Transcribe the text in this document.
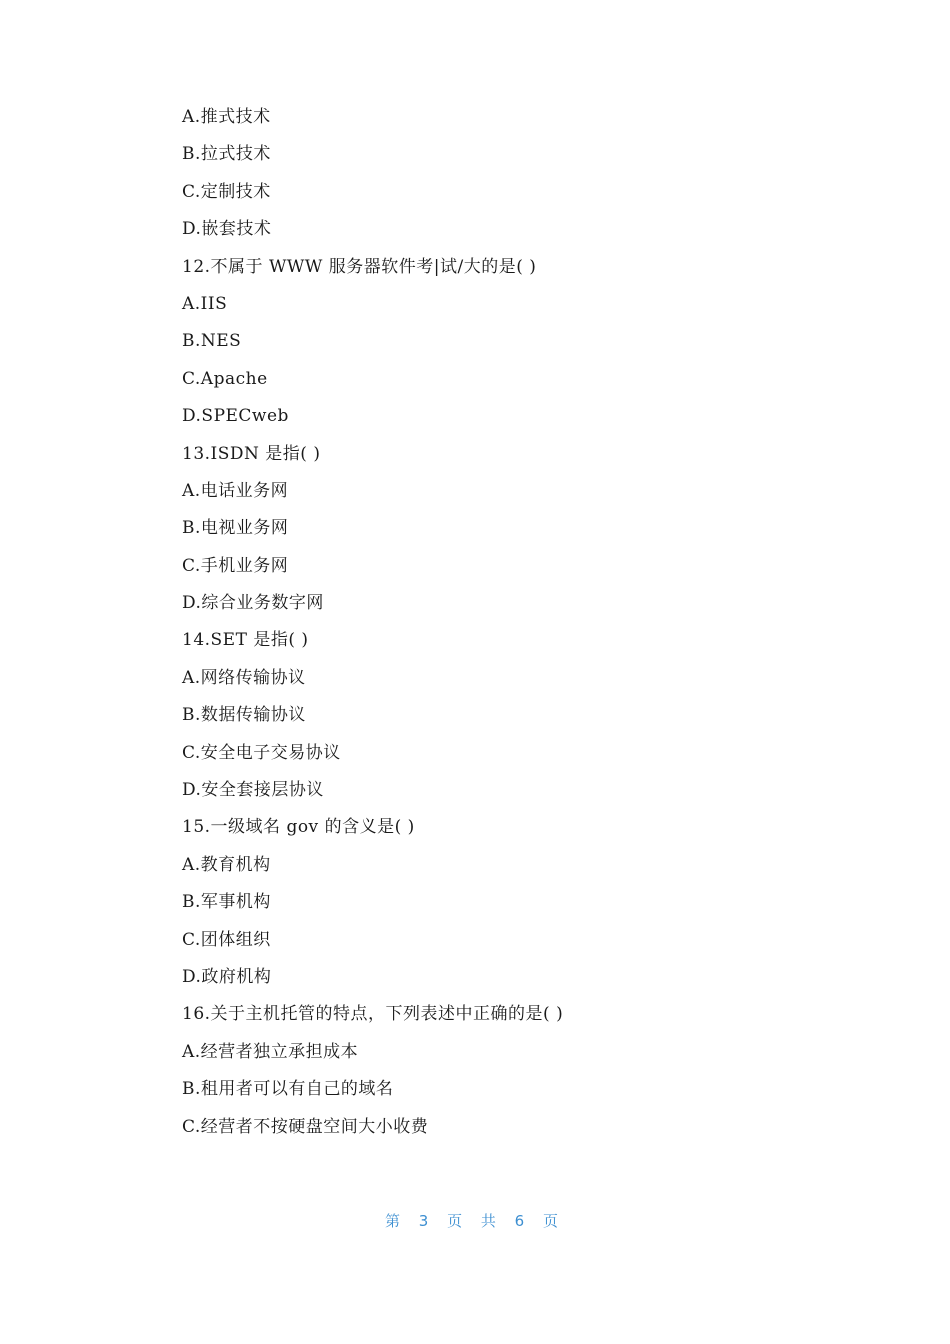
A.推式技术
B.拉式技术
C.定制技术
D.嵌套技术
12.不属于 WWW 服务器软件考|试/大的是( )
A.IIS
B.NES
C.Apache
D.SPECweb
13.ISDN 是指( )
A.电话业务网
B.电视业务网
C.手机业务网
D.综合业务数字网
14.SET 是指( )
A.网络传输协议
B.数据传输协议
C.安全电子交易协议
D.安全套接层协议
15.一级域名 gov 的含义是( )
A.教育机构
B.军事机构
C.团体组织
D.政府机构
16.关于主机托管的特点，下列表述中正确的是( )
A.经营者独立承担成本
B.租用者可以有自己的域名
C.经营者不按硬盘空间大小收费
第 3 页 共 6 页
